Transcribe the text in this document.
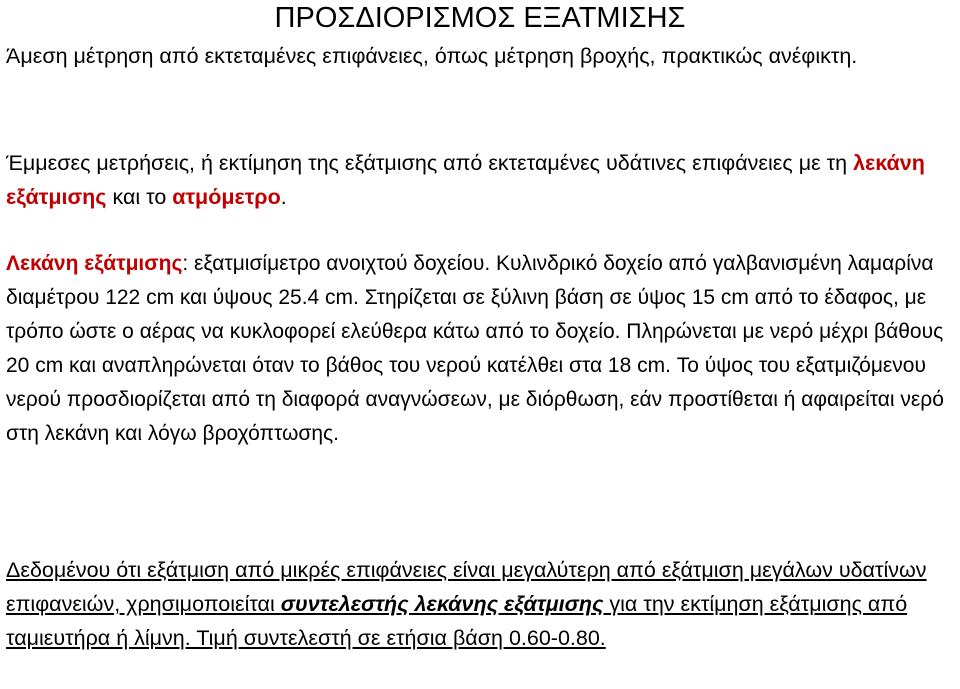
ΠΡΟΣΔΙΟΡΙΣΜΟΣ ΕΞΑΤΜΙΣΗΣ

Άμεση μέτρηση από εκτεταμένες επιφάνειες, όπως μέτρηση βροχής, πρακτικώς ανέφικτη.

Έμμεσες μετρήσεις, ή εκτίμηση της εξάτμισης από εκτεταμένες υδάτινες επιφάνειες με τη λεκάνη εξάτμισης και το ατμόμετρο.

Λεκάνη εξάτμισης: εξατμισίμετρο ανοιχτού δοχείου. Κυλινδρικό δοχείο από γαλβανισμένη λαμαρίνα διαμέτρου 122 cm και ύψους 25.4 cm. Στηρίζεται σε ξύλινη βάση σε ύψος 15 cm από το έδαφος, με τρόπο ώστε ο αέρας να κυκλοφορεί ελεύθερα κάτω από το δοχείο. Πληρώνεται με νερό μέχρι βάθους 20 cm και αναπληρώνεται όταν το βάθος του νερού κατέλθει στα 18 cm. Το ύψος του εξατμιζόμενου νερού προσδιορίζεται από τη διαφορά αναγνώσεων, με διόρθωση, εάν προστίθεται ή αφαιρείται νερό στη λεκάνη και λόγω βροχόπτωσης.

Δεδομένου ότι εξάτμιση από μικρές επιφάνειες είναι μεγαλύτερη από εξάτμιση μεγάλων υδατίνων επιφανειών, χρησιμοποιείται συντελεστής λεκάνης εξάτμισης για την εκτίμηση εξάτμισης από ταμιευτήρα ή λίμνη. Τιμή συντελεστή σε ετήσια βάση 0.60-0.80.
